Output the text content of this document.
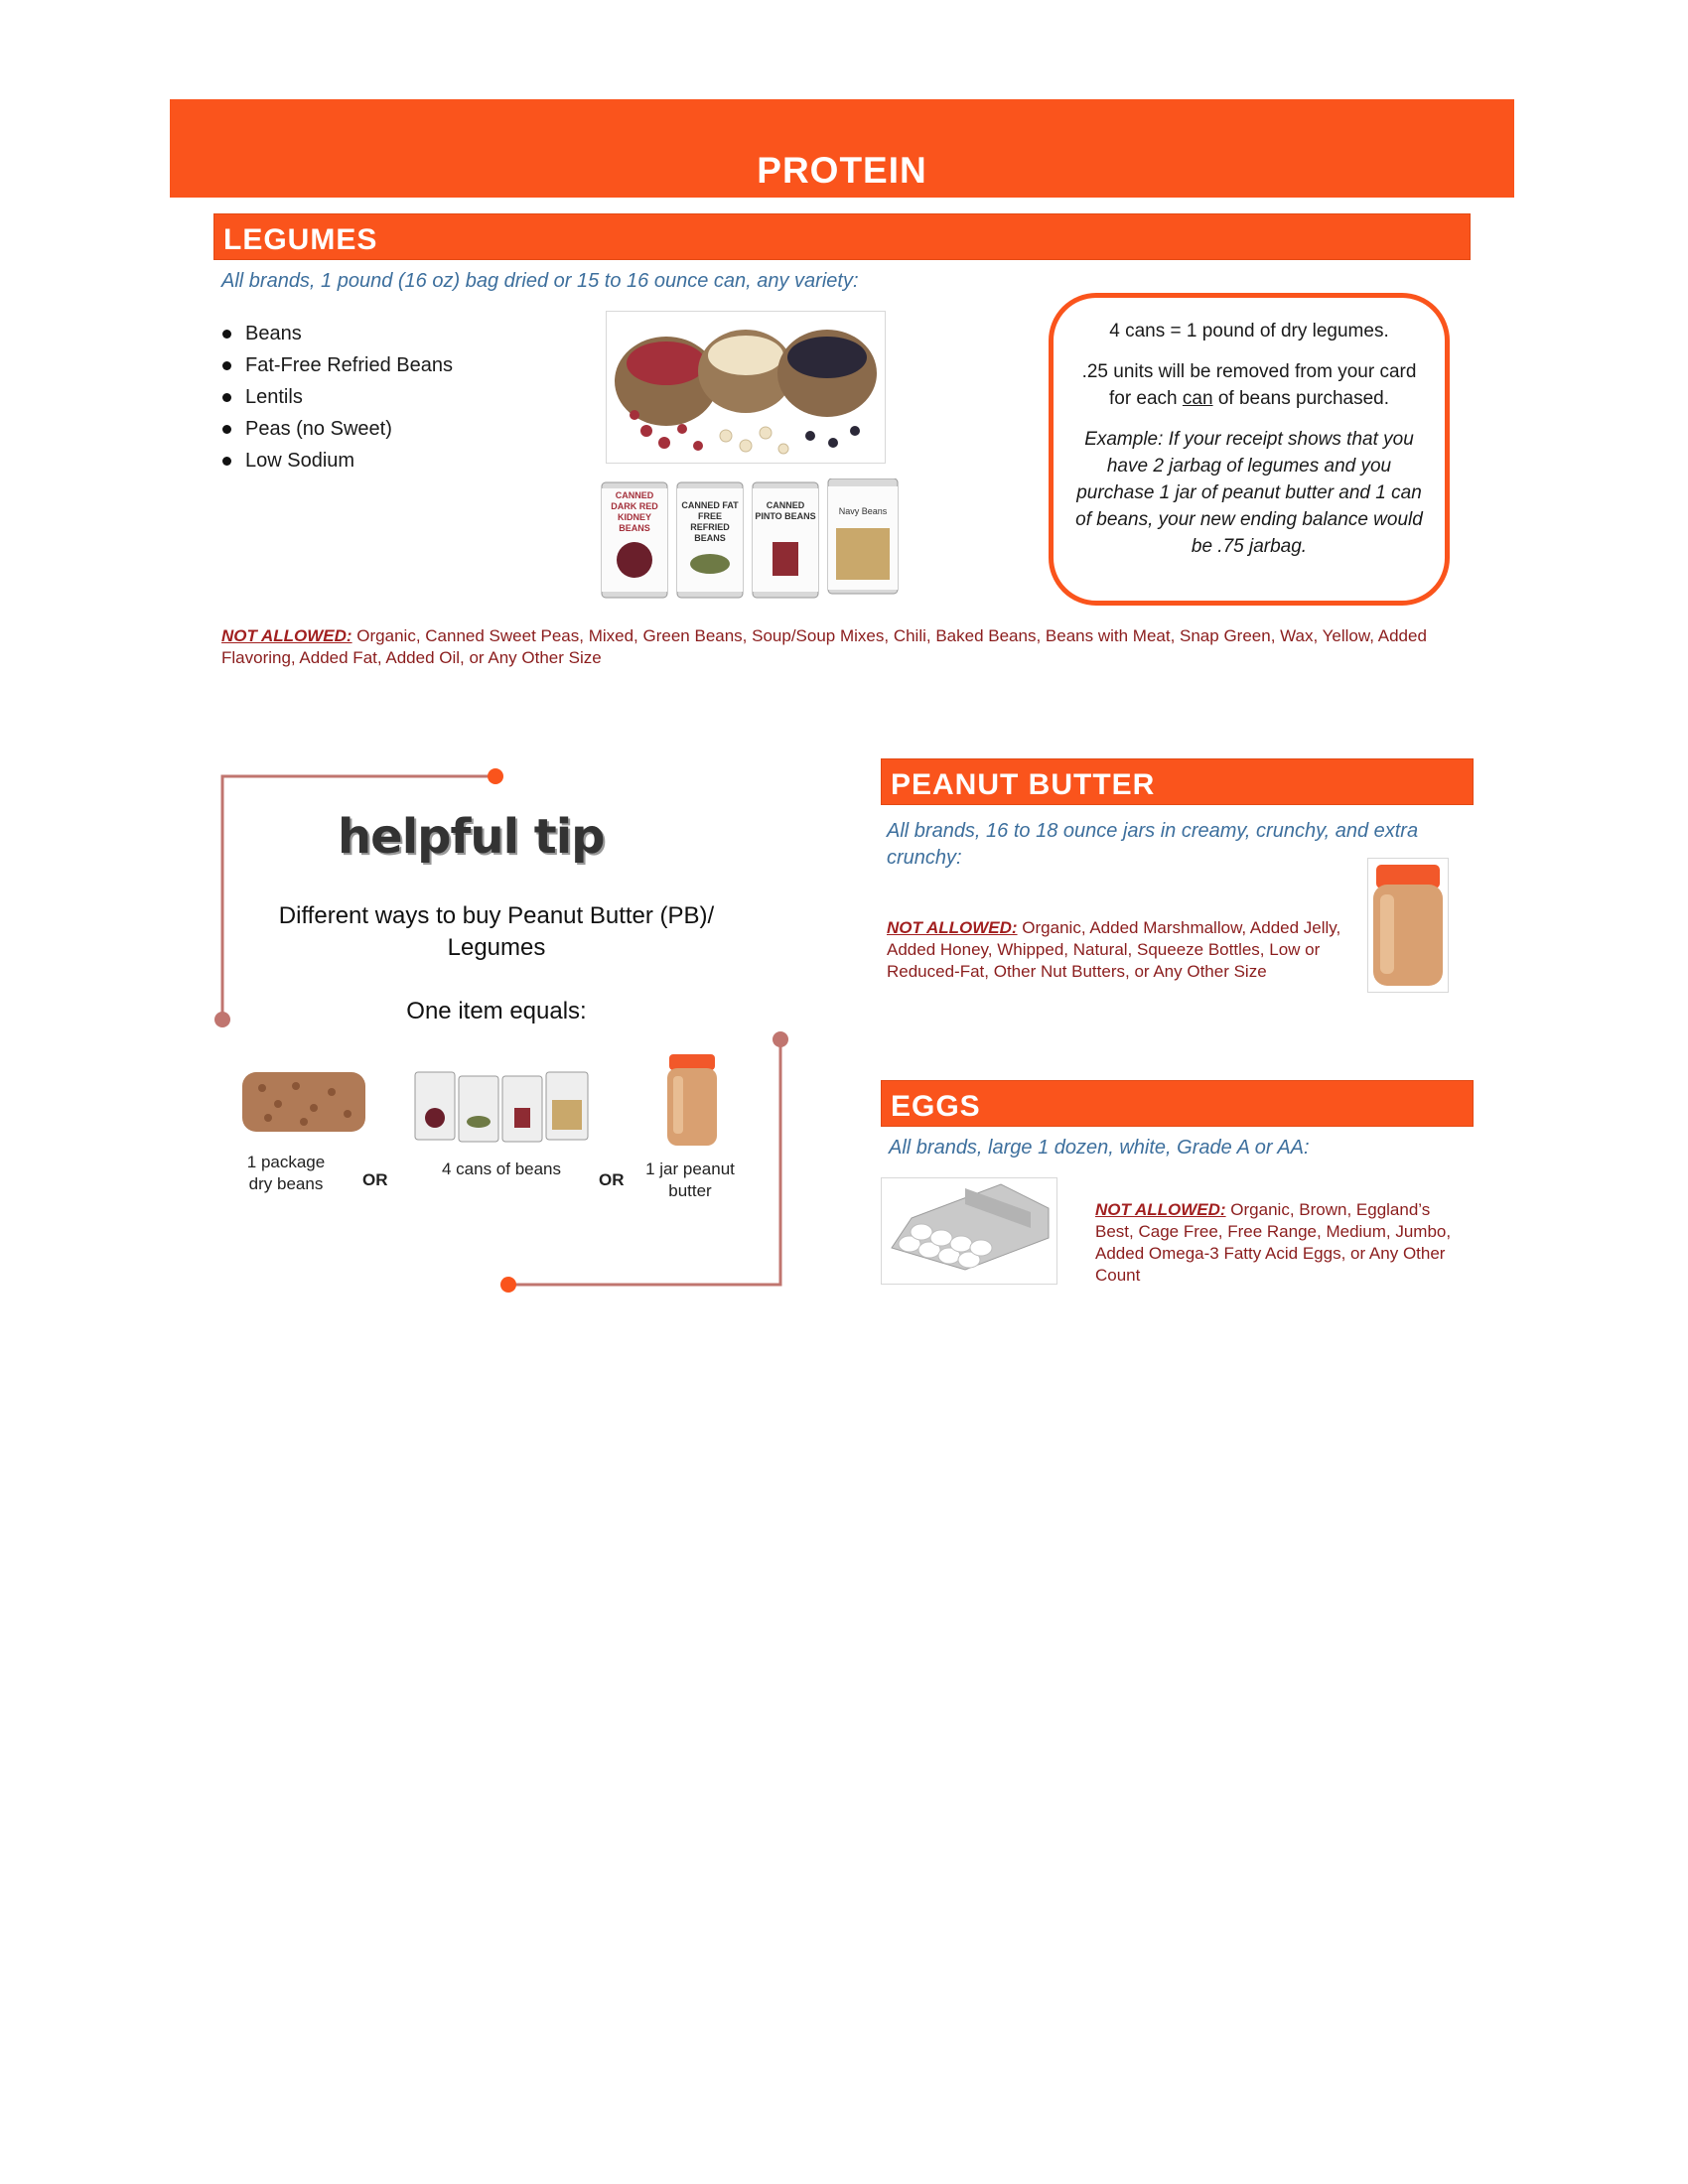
PROTEIN
LEGUMES
All brands, 1 pound (16 oz) bag dried or 15 to 16 ounce can, any variety:
Beans
Fat-Free Refried Beans
Lentils
Peas (no Sweet)
Low Sodium
CANNED DARK RED KIDNEY BEANS
CANNED FAT FREE REFRIED BEANS
CANNED PINTO BEANS	Navy Beans

4 cans = 1 pound of dry legumes.

.25 units will be removed from your card for each can of beans purchased.

Example: If your receipt shows that you have 2 jarbag of legumes and you purchase 1 jar of peanut butter and 1 can of beans, your new ending balance would be .75 jarbag.

NOT ALLOWED: Organic, Canned Sweet Peas, Mixed, Green Beans, Soup/Soup Mixes, Chili, Baked Beans, Beans with Meat, Snap Green, Wax, Yellow, Added Flavoring, Added Fat, Added Oil, or Any Other Size
helpful tip
Different ways to buy Peanut Butter (PB)/ Legumes
One item equals:
1 package dry beans	OR
4 cans of beans
OR
1 jar peanut butter
PEANUT BUTTER
All brands, 16 to 18 ounce jars in creamy, crunchy, and extra crunchy:
NOT ALLOWED: Organic, Added Marshmallow, Added Jelly, Added Honey, Whipped, Natural, Squeeze Bottles, Low or Reduced-Fat, Other Nut Butters, or Any Other Size
EGGS
All brands, large 1 dozen, white, Grade A or AA:
NOT ALLOWED: Organic, Brown, Eggland’s Best, Cage Free, Free Range, Medium, Jumbo, Added Omega-3 Fatty Acid Eggs, or Any Other Count
